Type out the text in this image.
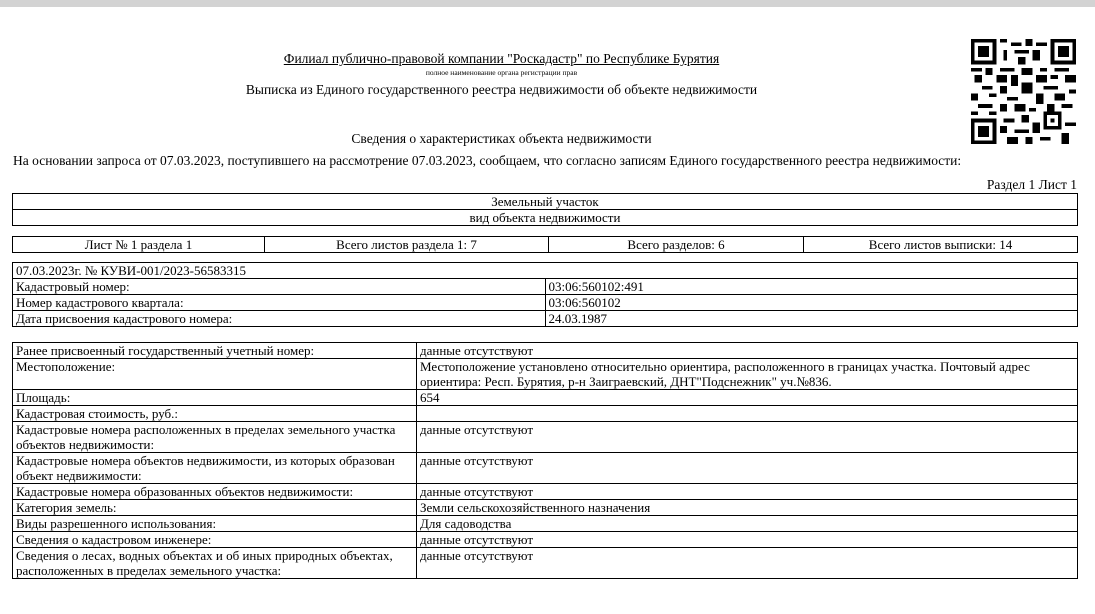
Филиал публично-правовой компании "Роскадастр" по Республике Бурятия
полное наименование органа регистрации прав
Выписка из Единого государственного реестра недвижимости об объекте недвижимости
Сведения о характеристиках объекта недвижимости
На основании запроса от 07.03.2023, поступившего на рассмотрение 07.03.2023, сообщаем, что согласно записям Единого государственного реестра недвижимости:
Раздел 1 Лист 1
Земельный участок
вид объекта недвижимости
Лист № 1 раздела 1	Всего листов раздела 1: 7	Всего разделов: 6	Всего листов выписки: 14
07.03.2023г. № КУВИ-001/2023-56583315	
Кадастровый номер:	03:06:560102:491
Номер кадастрового квартала:	03:06:560102
Дата присвоения кадастрового номера:	24.03.1987
Ранее присвоенный государственный учетный номер:	данные отсутствуют
Местоположение:	Местоположение установлено относительно ориентира, расположенного в границах участка. Почтовый адрес ориентира: Респ. Бурятия, р-н Заиграевский, ДНТ"Подснежник" уч.№836.
Площадь:	654
Кадастровая стоимость, руб.:	
Кадастровые номера расположенных в пределах земельного участка объектов недвижимости:	данные отсутствуют
Кадастровые номера объектов недвижимости, из которых образован объект недвижимости:	данные отсутствуют
Кадастровые номера образованных объектов недвижимости:	данные отсутствуют
Категория земель:	Земли сельскохозяйственного назначения
Виды разрешенного использования:	Для садоводства
Сведения о кадастровом инженере:	данные отсутствуют
Сведения о лесах, водных объектах и об иных природных объектах, расположенных в пределах земельного участка:	данные отсутствуют
